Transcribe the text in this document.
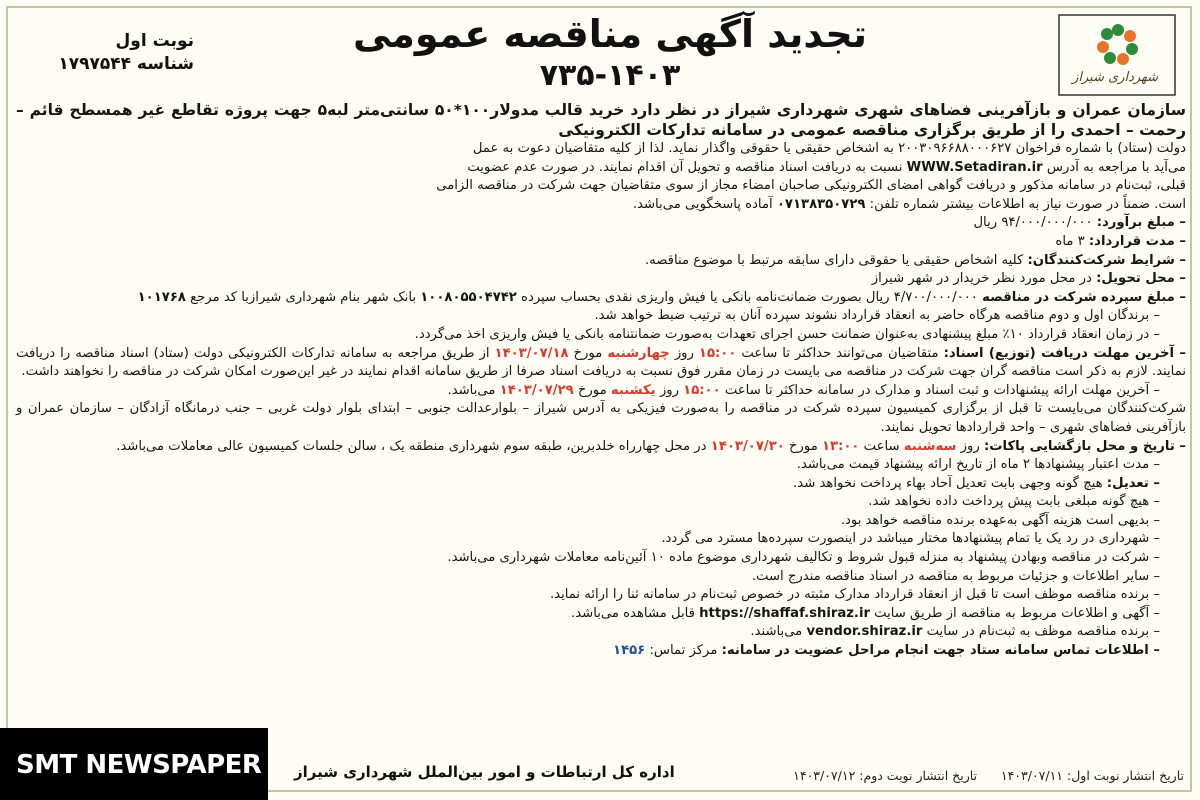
شهرداری شیراز
تجدید آگهی مناقصه عمومی
۷۳۵-۱۴۰۳
نوبت اول
شناسه ۱۷۹۷۵۴۴

سازمان عمران و بازآفرینی فضاهای شهری شهرداری شیراز در نظر دارد خرید قالب مدولار۱۰۰*۵۰ سانتی‌متر لبه۵ جهت پروژه تقاطع غیر همسطح قائم – رحمت – احمدی را از طریق برگزاری مناقصه عمومی در سامانه تدارکات الکترونیکی

دولت (ستاد) با شماره فراخوان ۲۰۰۳۰۹۶۶۸۸۰۰۰۶۲۷ به اشخاص حقیقی یا حقوقی واگذار نماید. لذا از کلیه متقاضیان دعوت به عمل

می‌آید با مراجعه به آدرس WWW.Setadiran.ir نسبت به دریافت اسناد مناقصه و تحویل آن اقدام نمایند. در صورت عدم عضویت

قبلی، ثبت‌نام در سامانه مذکور و دریافت گواهی امضای الکترونیکی صاحبان امضاء مجاز از سوی متقاضیان جهت شرکت در مناقصه الزامی

است. ضمناً در صورت نیاز به اطلاعات بیشتر شماره تلفن: ۰۷۱۳۸۳۵۰۷۲۹ آماده پاسخگویی می‌باشد.

– مبلغ برآورد: ۹۴/۰۰۰/۰۰۰/۰۰۰ ریال

– مدت قرارداد: ۳ ماه

– شرایط شرکت‌کنندگان: کلیه اشخاص حقیقی یا حقوقی دارای سابقه مرتبط با موضوع مناقصه.

– محل تحویل: در محل مورد نظر خریدار در شهر شیراز

– مبلغ سپرده شرکت در مناقصه ۴/۷۰۰/۰۰۰/۰۰۰ ریال بصورت ضمانت‌نامه بانکی یا فیش واریزی نقدی بحساب سپرده ۱۰۰۸۰۵۵۰۴۷۴۲ بانک شهر بنام شهرداری شیرازبا کد مرجع ۱۰۱۷۶۸

– برندگان اول و دوم مناقصه هرگاه حاضر به انعقاد قرارداد نشوند سپرده آنان به ترتیب ضبط خواهد شد.

– در زمان انعقاد قرارداد ۱۰٪ مبلغ پیشنهادی به‌عنوان ضمانت حسن اجرای تعهدات به‌صورت ضمانتنامه بانکی یا فیش واریزی اخذ می‌گردد.

– آخرین مهلت دریافت (توزیع) اسناد: متقاضیان می‌توانند حداکثر تا ساعت ۱۵:۰۰ روز چهارشنبه مورخ ۱۴۰۳/۰۷/۱۸ از طریق مراجعه به سامانه تدارکات الکترونیکی دولت (ستاد) اسناد مناقصه را دریافت نمایند. لازم به ذکر است مناقصه گران جهت شرکت در مناقصه می بایست در زمان مقرر فوق نسبت به دریافت اسناد صرفا از طریق سامانه اقدام نمایند در غیر این‌صورت امکان شرکت در مناقصه را نخواهند داشت.

– آخرین مهلت ارائه پیشنهادات و ثبت اسناد و مدارک در سامانه حداکثر تا ساعت ۱۵:۰۰ روز یکشنبه مورخ ۱۴۰۳/۰۷/۲۹ می‌باشد.

شرکت‌کنندگان می‌بایست تا قبل از برگزاری کمیسیون سپرده شرکت در مناقصه را به‌صورت فیزیکی به آدرس شیراز – بلوارعدالت جنوبی – ابتدای بلوار دولت غربی – جنب درمانگاه آزادگان – سازمان عمران و بازآفرینی فضاهای شهری – واحد قراردادها تحویل نمایند.

– تاریخ و محل بازگشایی پاکات: روز سه‌شنبه ساعت ۱۳:۰۰ مورخ ۱۴۰۳/۰۷/۳۰ در محل چهارراه خلدبرین، طبقه سوم شهرداری منطقه یک ، سالن جلسات کمیسیون عالی معاملات می‌باشد.

– مدت اعتبار پیشنهادها ۲ ماه از تاریخ ارائه پیشنهاد قیمت می‌باشد.

– تعدیل: هیچ گونه وجهی بابت تعدیل آحاد بهاء پرداخت نخواهد شد.

– هیچ گونه مبلغی بابت پیش پرداخت داده نخواهد شد.

– بدیهی است هزینه آگهی به‌عهده برنده مناقصه خواهد بود.

– شهرداری در رد یک یا تمام پیشنهادها مختار میباشد در اینصورت سپرده‌ها مسترد می گردد.

– شرکت در مناقصه وبهادن پیشنهاد به منزله قبول شروط و تکالیف شهرداری موضوع ماده ۱۰ آئین‌نامه معاملات شهرداری می‌باشد.

– سایر اطلاعات و جزئیات مربوط به مناقصه در اسناد مناقصه مندرج است.

– برنده مناقصه موظف است تا قبل از انعقاد قرارداد مدارک مثبته در خصوص ثبت‌نام در سامانه ثنا را ارائه نماید.

– آگهی و اطلاعات مربوط به مناقصه از طریق سایت https://shaffaf.shiraz.ir قابل مشاهده می‌باشد.

– برنده مناقصه موظف به ثبت‌نام در سایت vendor.shiraz.ir می‌باشند.

– اطلاعات تماس سامانه ستاد جهت انجام مراحل عضویت در سامانه: مرکز تماس: ۱۴۵۶

تاریخ انتشار نوبت اول: ۱۴۰۳/۰۷/۱۱      تاریخ انتشار نوبت دوم: ۱۴۰۳/۰۷/۱۲
اداره کل ارتباطات و امور بین‌الملل شهرداری شیراز
SMT NEWSPAPER
